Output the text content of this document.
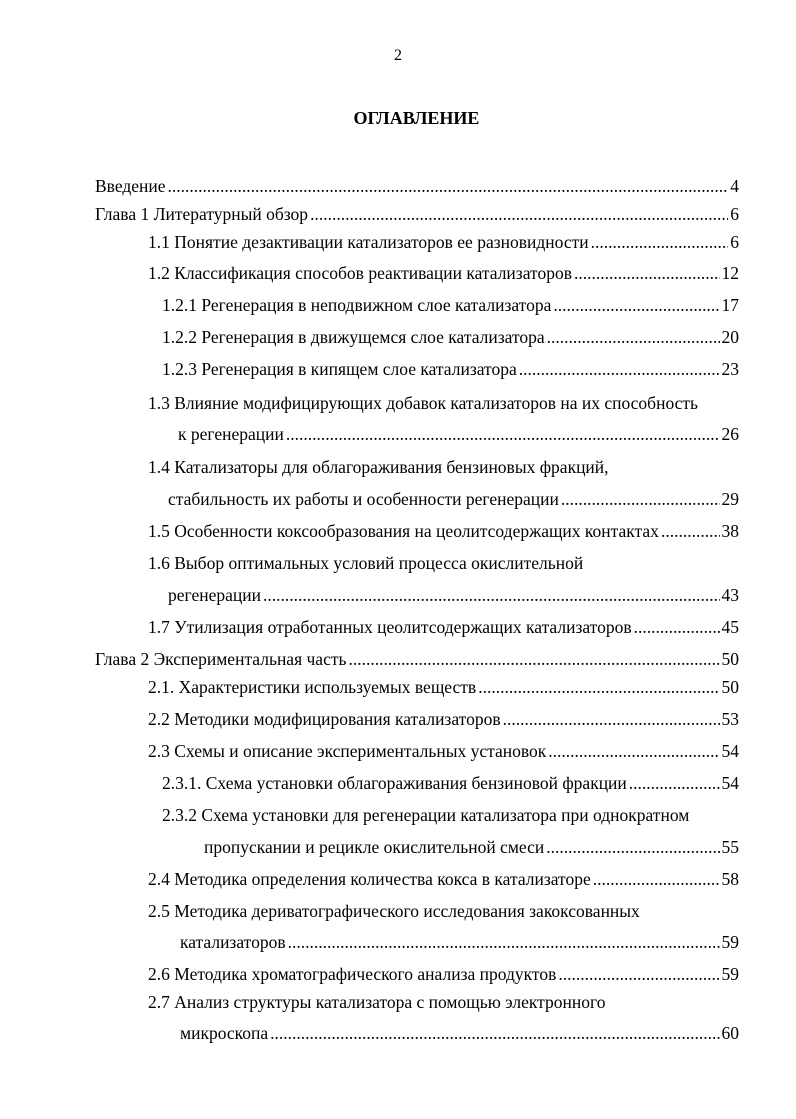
2
ОГЛАВЛЕНИЕ
Введение .....	4
Глава 1 Литературный обзор .....	6
1.1 Понятие дезактивации катализаторов ее разновидности .....	6
1.2 Классификация способов реактивации катализаторов .....	12
1.2.1 Регенерация в неподвижном слое катализатора .....	17
1.2.2 Регенерация в движущемся слое катализатора .....	20
1.2.3 Регенерация в кипящем слое катализатора .....	23
1.3 Влияние модифицирующих добавок катализаторов на их способность
к регенерации .....	26
1.4 Катализаторы для облагораживания бензиновых фракций,
стабильность их работы и особенности регенерации .....	29
1.5 Особенности коксообразования на цеолитсодержащих контактах .....	38
1.6 Выбор оптимальных условий процесса окислительной
регенерации .....	43
1.7 Утилизация отработанных цеолитсодержащих катализаторов .....	45
Глава 2 Экспериментальная часть .....	50
2.1. Характеристики используемых веществ .....	50
2.2 Методики модифицирования катализаторов .....	53
2.3 Схемы и описание экспериментальных установок .....	54
2.3.1. Схема установки облагораживания бензиновой фракции .....	54
2.3.2 Схема установки для регенерации катализатора при однократном
пропускании и рецикле окислительной смеси .....	55
2.4 Методика определения количества кокса в катализаторе .....	58
2.5 Методика дериватографического исследования закоксованных
катализаторов .....	59
2.6 Методика хроматографического анализа продуктов .....	59
2.7 Анализ структуры катализатора с помощью электронного
микроскопа .....	60
